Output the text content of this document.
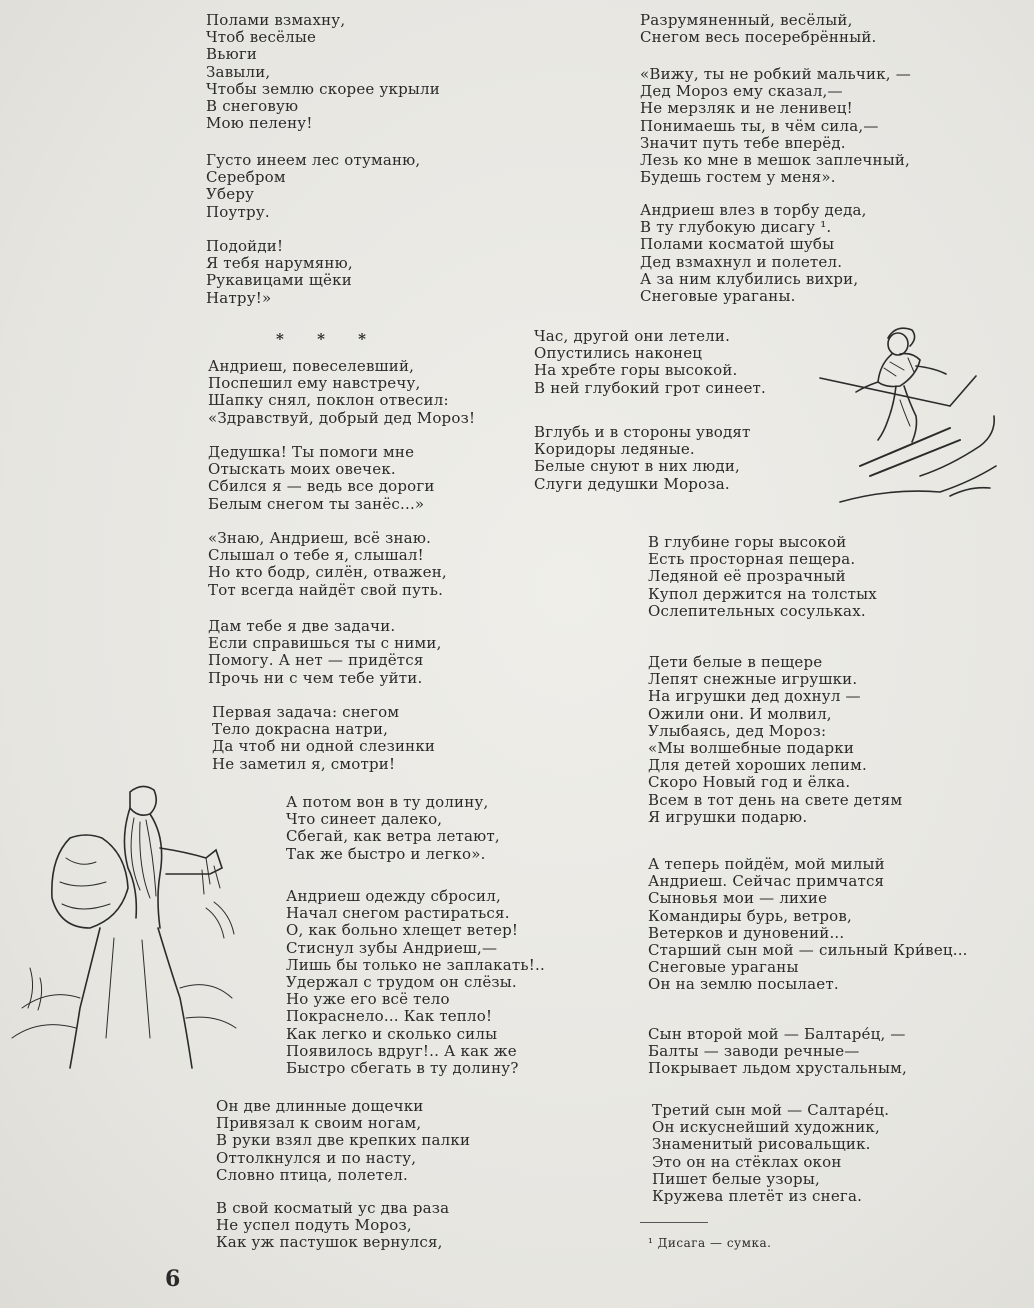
Полами взмахну,
Чтоб весёлые
Вьюги
Завыли,
Чтобы землю скорее укрыли
В снеговую
Мою пелену!
Густо инеем лес отуманю,
Серебром
Уберу
Поутру.
Подойди!
Я тебя нарумяню,
Рукавицами щёки
Натру!»
* * *
Андриеш, повеселевший,
Поспешил ему навстречу,
Шапку снял, поклон отвесил:
«Здравствуй, добрый дед Мороз!
Дедушка! Ты помоги мне
Отыскать моих овечек.
Сбился я — ведь все дороги
Белым снегом ты занёс...»
«Знаю, Андриеш, всё знаю.
Слышал о тебе я, слышал!
Но кто бодр, силён, отважен,
Тот всегда найдёт свой путь.
Дам тебе я две задачи.
Если справишься ты с ними,
Помогу. А нет — придётся
Прочь ни с чем тебе уйти.
Первая задача: снегом
Тело докрасна натри,
Да чтоб ни одной слезинки
Не заметил я, смотри!
А потом вон в ту долину,
Что синеет далеко,
Сбегай, как ветра летают,
Так же быстро и легко».
Андриеш одежду сбросил,
Начал снегом растираться.
О, как больно хлещет ветер!
Стиснул зубы Андриеш,—
Лишь бы только не заплакать!..
Удержал с трудом он слёзы.
Но уже его всё тело
Покраснело... Как тепло!
Как легко и сколько силы
Появилось вдруг!.. А как же
Быстро сбегать в ту долину?
Он две длинные дощечки
Привязал к своим ногам,
В руки взял две крепких палки
Оттолкнулся и по насту,
Словно птица, полетел.
В свой косматый ус два раза
Не успел подуть Мороз,
Как уж пастушок вернулся,
Разрумяненный, весёлый,
Снегом весь посеребрённый.
«Вижу, ты не робкий мальчик, —
Дед Мороз ему сказал,—
Не мерзляк и не ленивец!
Понимаешь ты, в чём сила,—
Значит путь тебе вперёд.
Лезь ко мне в мешок заплечный,
Будешь гостем у меня».
Андриеш влез в торбу деда,
В ту глубокую дисагу ¹.
Полами косматой шубы
Дед взмахнул и полетел.
А за ним клубились вихри,
Снеговые ураганы.
Час, другой они летели.
Опустились наконец
На хребте горы высокой.
В ней глубокий грот синеет.
Вглубь и в стороны уводят
Коридоры ледяные.
Белые снуют в них люди,
Слуги дедушки Мороза.
В глубине горы высокой
Есть просторная пещера.
Ледяной её прозрачный
Купол держится на толстых
Ослепительных сосульках.
Дети белые в пещере
Лепят снежные игрушки.
На игрушки дед дохнул —
Ожили они. И молвил,
Улыбаясь, дед Мороз:
«Мы волшебные подарки
Для детей хороших лепим.
Скоро Новый год и ёлка.
Всем в тот день на свете детям
Я игрушки подарю.
А теперь пойдём, мой милый
Андриеш. Сейчас примчатся
Сыновья мои — лихие
Командиры бурь, ветров,
Ветерков и дуновений...
Старший сын мой — сильный Кри́вец...
Снеговые ураганы
Он на землю посылает.
Сын второй мой — Балтаре́ц, —
Балты — заводи речные—
Покрывает льдом хрустальным,
Третий сын мой — Салтаре́ц.
Он искуснейший художник,
Знаменитый рисовальщик.
Это он на стёклах окон
Пишет белые узоры,
Кружева плетёт из снега.
¹ Дисага — сумка.
6
